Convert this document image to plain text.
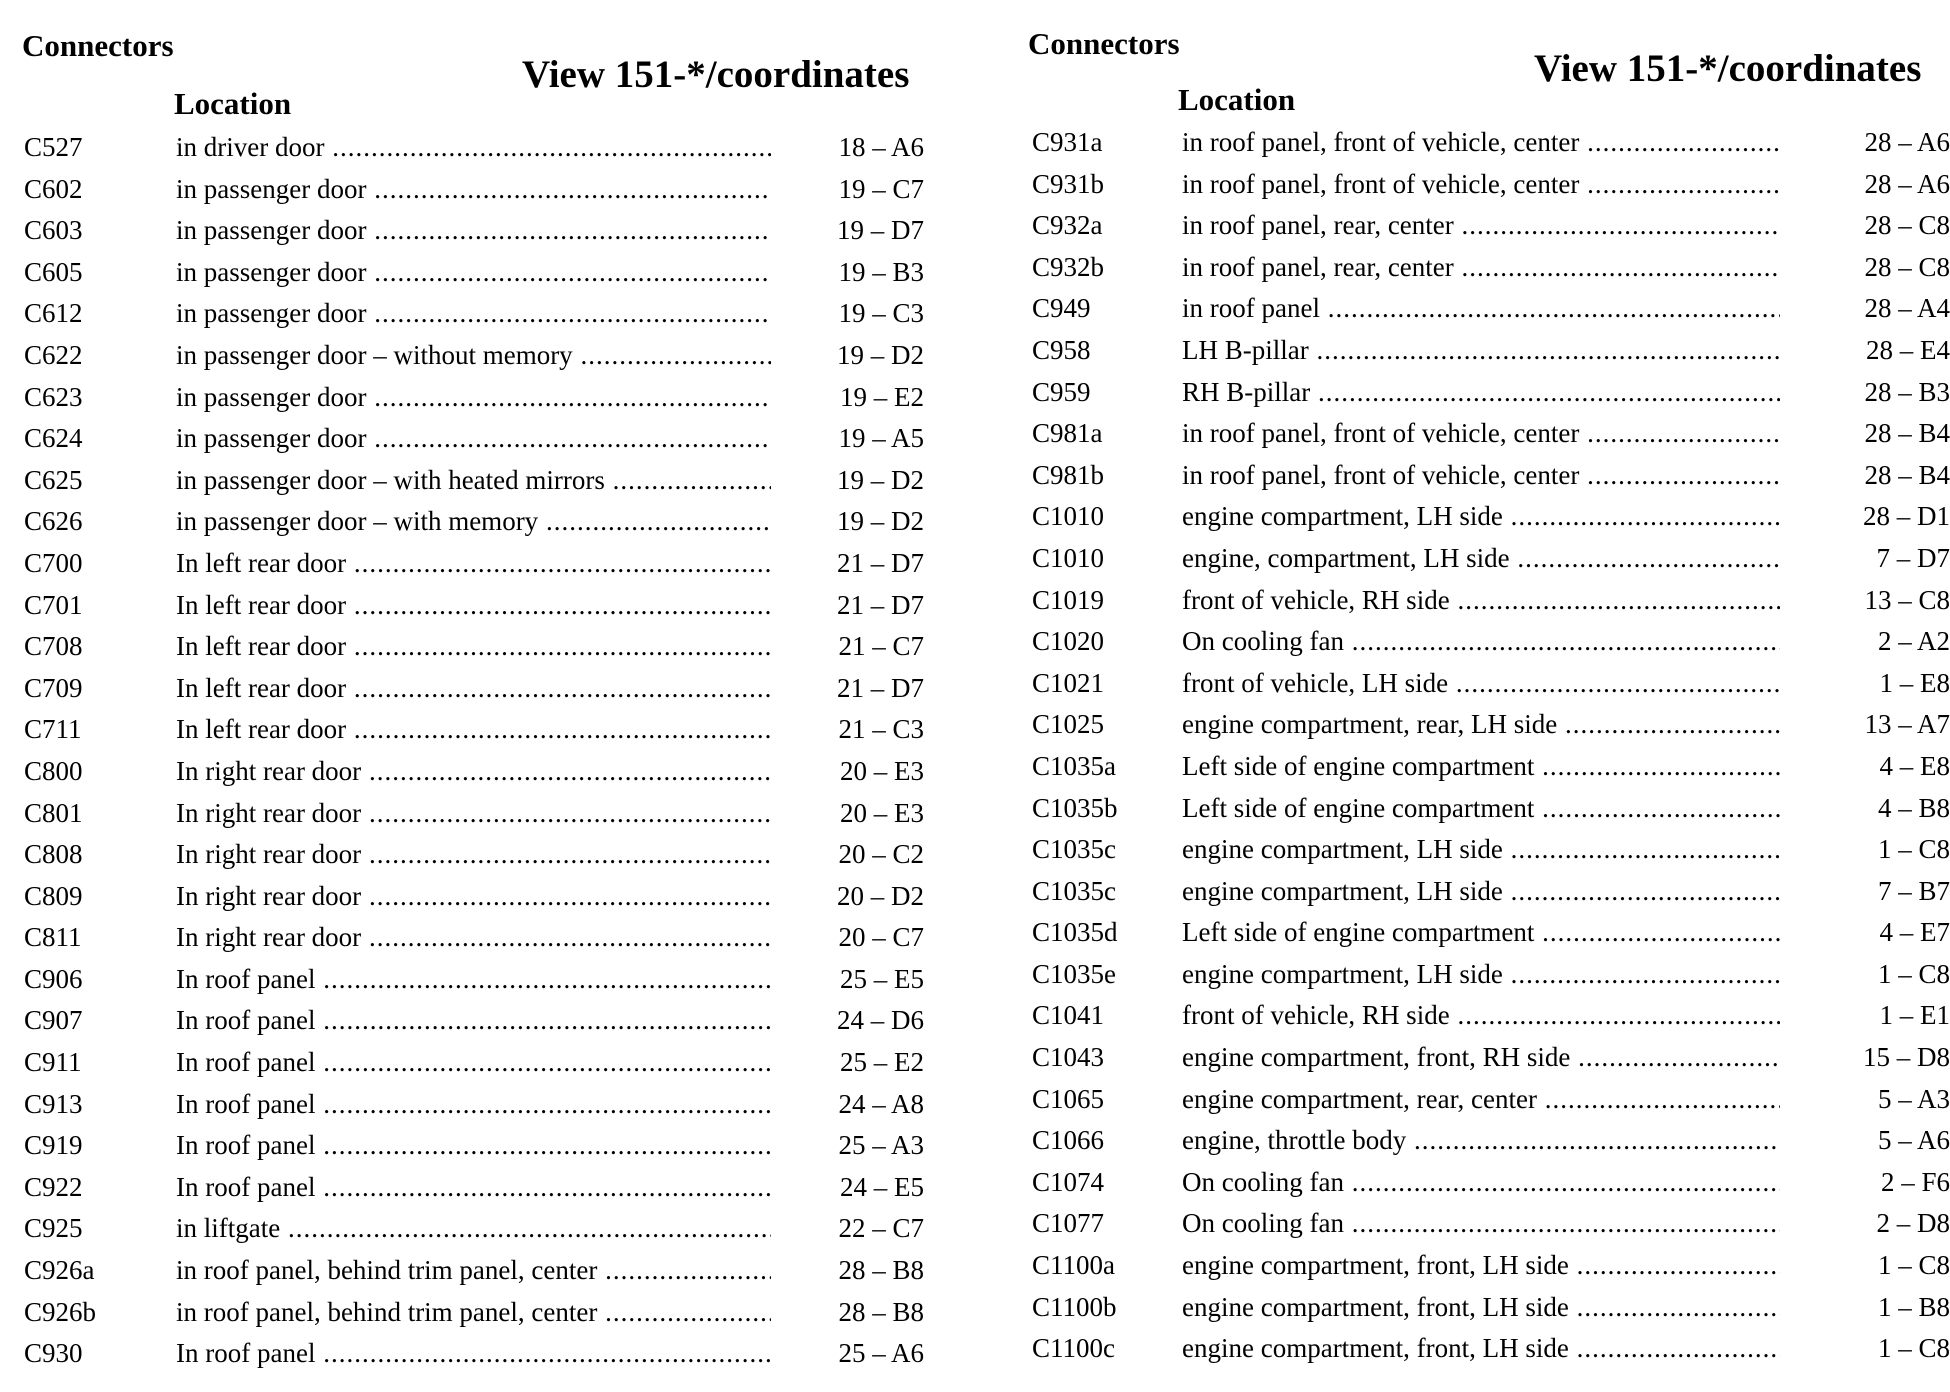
Connectors
View 151-*/coordinates
Location
C527	in driver door .....	18 – A6
C602	in passenger door .....	19 – C7
C603	in passenger door .....	19 – D7
C605	in passenger door .....	19 – B3
C612	in passenger door .....	19 – C3
C622	in passenger door – without memory .....	19 – D2
C623	in passenger door .....	19 – E2
C624	in passenger door .....	19 – A5
C625	in passenger door – with heated mirrors .....	19 – D2
C626	in passenger door – with memory .....	19 – D2
C700	In left rear door .....	21 – D7
C701	In left rear door .....	21 – D7
C708	In left rear door .....	21 – C7
C709	In left rear door .....	21 – D7
C711	In left rear door .....	21 – C3
C800	In right rear door .....	20 – E3
C801	In right rear door .....	20 – E3
C808	In right rear door .....	20 – C2
C809	In right rear door .....	20 – D2
C811	In right rear door .....	20 – C7
C906	In roof panel .....	25 – E5
C907	In roof panel .....	24 – D6
C911	In roof panel .....	25 – E2
C913	In roof panel .....	24 – A8
C919	In roof panel .....	25 – A3
C922	In roof panel .....	24 – E5
C925	in liftgate .....	22 – C7
C926a	in roof panel, behind trim panel, center .....	28 – B8
C926b	in roof panel, behind trim panel, center .....	28 – B8
C930	In roof panel .....	25 – A6
Connectors
View 151-*/coordinates
Location
C931a	in roof panel, front of vehicle, center .....	28 – A6
C931b	in roof panel, front of vehicle, center .....	28 – A6
C932a	in roof panel, rear, center .....	28 – C8
C932b	in roof panel, rear, center .....	28 – C8
C949	in roof panel .....	28 – A4
C958	LH B-pillar .....	28 – E4
C959	RH B-pillar .....	28 – B3
C981a	in roof panel, front of vehicle, center .....	28 – B4
C981b	in roof panel, front of vehicle, center .....	28 – B4
C1010	engine compartment, LH side .....	28 – D1
C1010	engine, compartment, LH side .....	7 – D7
C1019	front of vehicle, RH side .....	13 – C8
C1020	On cooling fan .....	2 – A2
C1021	front of vehicle, LH side .....	1 – E8
C1025	engine compartment, rear, LH side .....	13 – A7
C1035a Left side of engine compartment .....	4 – E8
C1035b Left side of engine compartment .....	4 – B8
C1035c engine compartment, LH side .....	1 – C8
C1035c engine compartment, LH side .....	7 – B7
C1035d Left side of engine compartment .....	4 – E7
C1035e engine compartment, LH side .....	1 – C8
C1041	front of vehicle, RH side .....	1 – E1
C1043	engine compartment, front, RH side .....	15 – D8
C1065	engine compartment, rear, center .....	5 – A3
C1066	engine, throttle body .....	5 – A6
C1074	On cooling fan .....	2 – F6
C1077	On cooling fan .....	2 – D8
C1100a engine compartment, front, LH side .....	1 – C8
C1100b engine compartment, front, LH side .....	1 – B8
C1100c engine compartment, front, LH side .....	1 – C8
